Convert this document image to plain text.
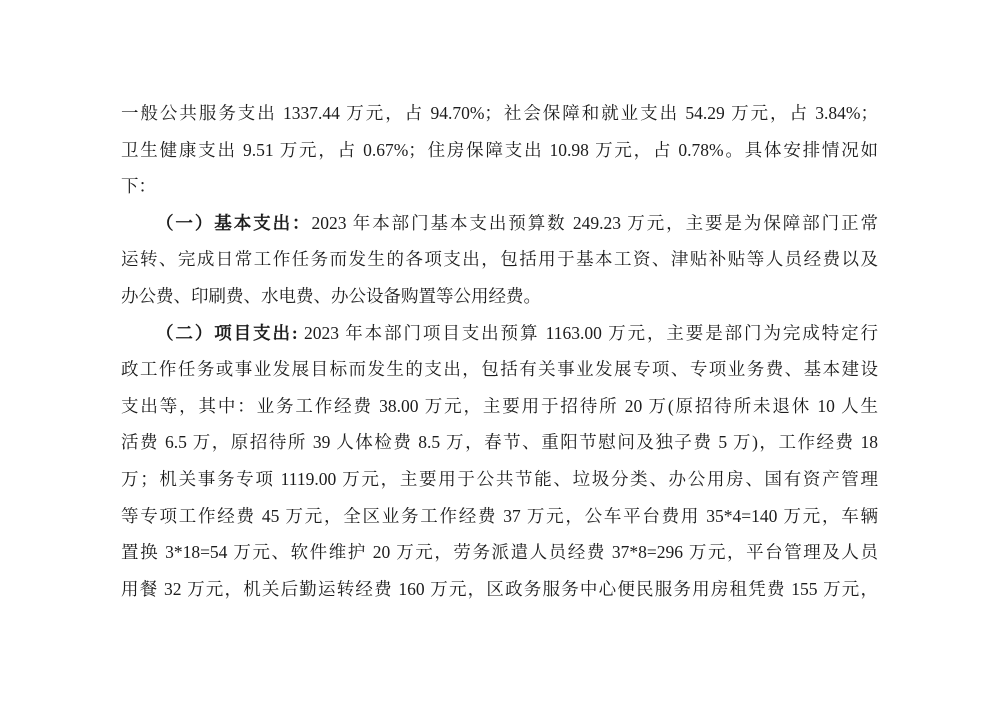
一般公共服务支出 1337.44 万元，占 94.70%；社会保障和就业支出 54.29 万元，占 3.84%；
卫生健康支出 9.51 万元，占 0.67%；住房保障支出 10.98 万元，占 0.78%。具体安排情况如
下：
（一）基本支出：2023 年本部门基本支出预算数 249.23 万元，主要是为保障部门正常
运转、完成日常工作任务而发生的各项支出，包括用于基本工资、津贴补贴等人员经费以及
办公费、印刷费、水电费、办公设备购置等公用经费。
（二）项目支出: 2023 年本部门项目支出预算 1163.00 万元，主要是部门为完成特定行
政工作任务或事业发展目标而发生的支出，包括有关事业发展专项、专项业务费、基本建设
支出等，其中：业务工作经费 38.00 万元，主要用于招待所 20 万(原招待所未退休 10 人生
活费 6.5 万，原招待所 39 人体检费 8.5 万，春节、重阳节慰问及独子费 5 万)，工作经费 18
万；机关事务专项 1119.00 万元，主要用于公共节能、垃圾分类、办公用房、国有资产管理
等专项工作经费 45 万元，全区业务工作经费 37 万元，公车平台费用 35*4=140 万元，车辆
置换 3*18=54 万元、软件维护 20 万元，劳务派遣人员经费 37*8=296 万元，平台管理及人员
用餐 32 万元，机关后勤运转经费 160 万元，区政务服务中心便民服务用房租凭费 155 万元，
